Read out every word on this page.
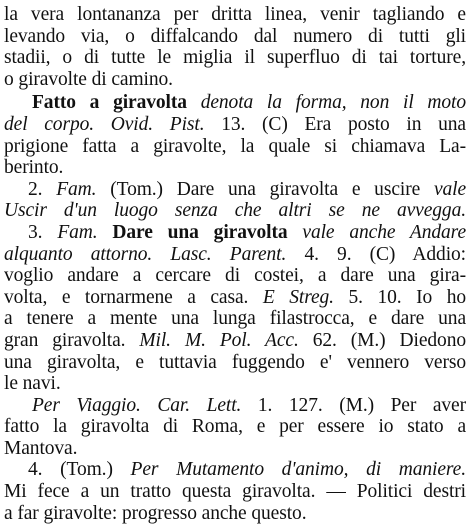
la vera lontananza per dritta linea, venir tagliando e
levando via, o diffalcando dal numero di tutti gli
stadii, o di tutte le miglia il superfluo di tai torture,
o giravolte di camino.
Fatto a giravolta denota la forma, non il moto
del corpo. Ovid. Pist. 13. (C) Era posto in una
prigione fatta a giravolte, la quale si chiamava La-
berinto.
2. Fam. (Tom.) Dare una giravolta e uscire vale
Uscir d'un luogo senza che altri se ne avvegga.
3. Fam. Dare una giravolta vale anche Andare
alquanto attorno. Lasc. Parent. 4. 9. (C) Addio:
voglio andare a cercare di costei, a dare una gira-
volta, e tornarmene a casa. E Streg. 5. 10. Io ho
a tenere a mente una lunga filastrocca, e dare una
gran giravolta. Mil. M. Pol. Acc. 62. (M.) Diedono
una giravolta, e tuttavia fuggendo e' vennero verso
le navi.
Per Viaggio. Car. Lett. 1. 127. (M.) Per aver
fatto la giravolta di Roma, e per essere io stato a
Mantova.
4. (Tom.) Per Mutamento d'animo, di maniere.
Mi fece a un tratto questa giravolta. — Politici destri
a far giravolte: progresso anche questo.
